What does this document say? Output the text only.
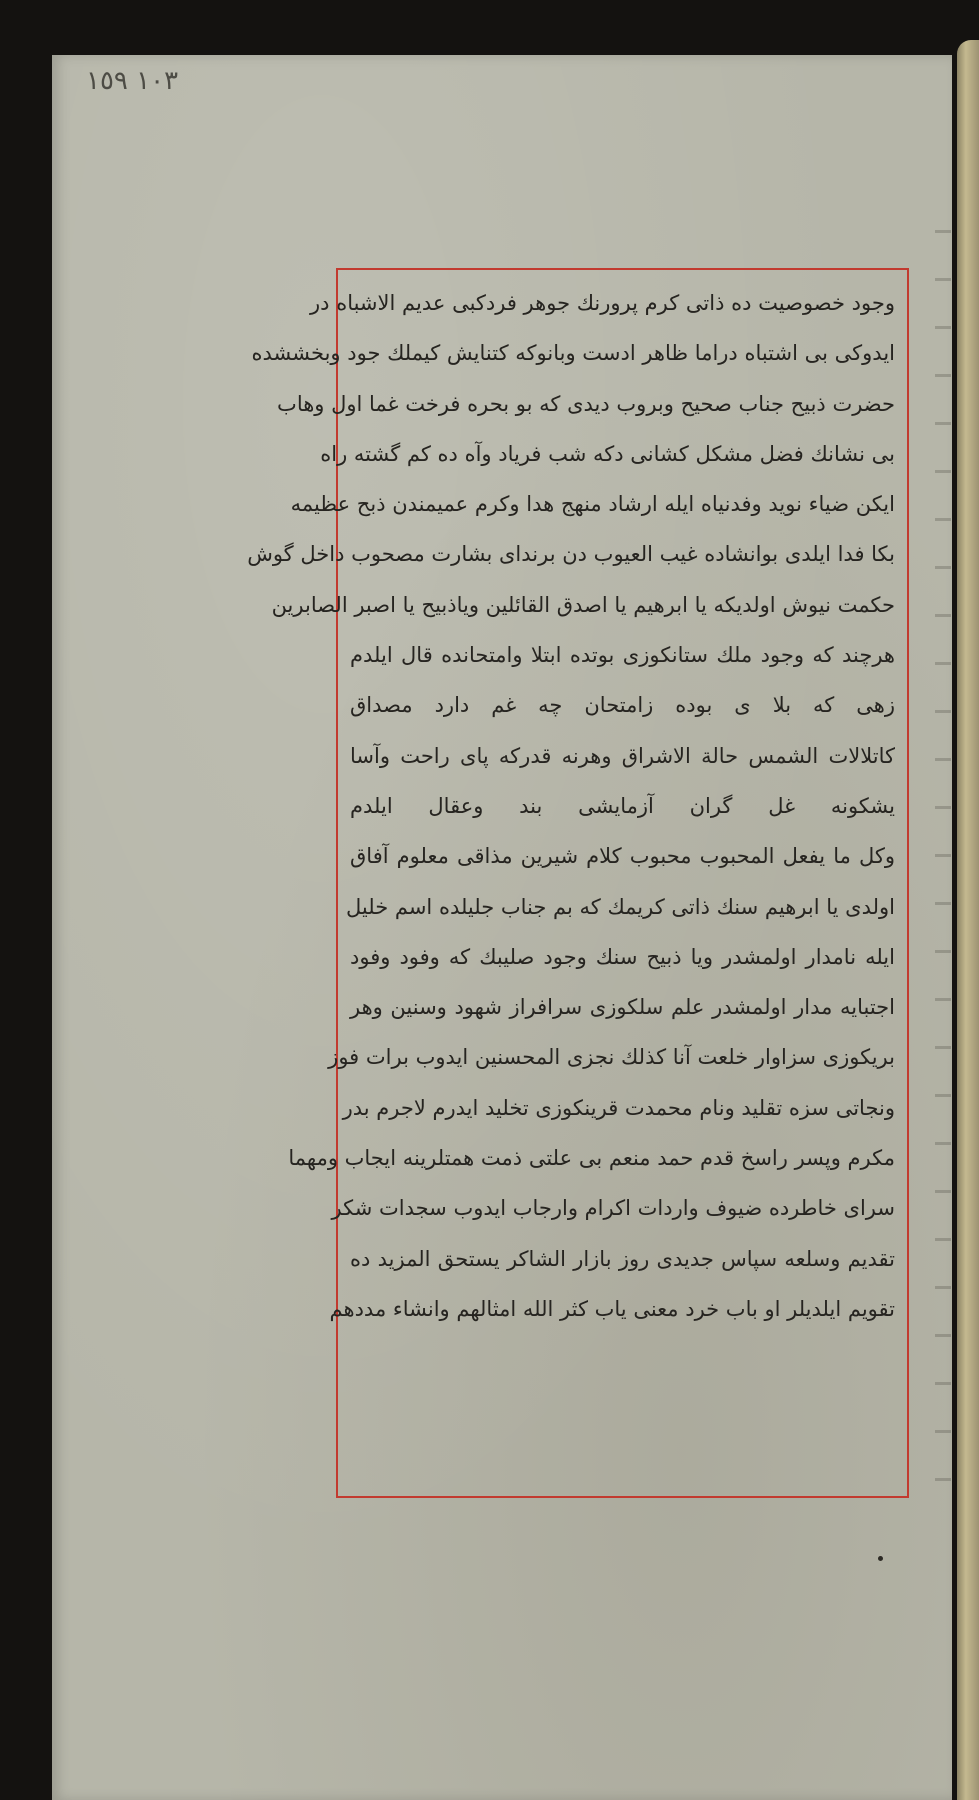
١٠٣ ١٥٩
وجود خصوصیت ده ذاتی کرم پرورنك جوهر فردکبی عدیم الاشباه در
ایدوکی بی اشتباه دراما ظاهر ادست وبانوکه کتنایش کیملك جود وبخششده
حضرت ذبیح جناب صحیح وبروب دیدی که بو بحره فرخت غما اول وهاب
بی نشانك فضل مشکل کشانی دکه شب فریاد وآه ده کم گشته راه
ایکن ضیاء نوید وفدنیاه ایله ارشاد منهج هدا وکرم عمیمندن ذبح عظیمه
بکا فدا ایلدی بوانشاده غیب العیوب دن برندای بشارت مصحوب داخل گوش
حکمت نیوش اولدیکه یا ابرهیم یا اصدق القائلین ویاذبیح یا اصبر الصابرین
هرچند که وجود ملك ستانکوزی بوتده ابتلا وامتحانده قال ایلدم
زهی که بلا ی بوده زامتحان چه غم دارد مصداق
کاتلالات الشمس حالة الاشراق وهرنه قدرکه پای راحت وآسا
یشکونه غل گران آزمایشی بند وعقال ایلدم
وکل ما یفعل المحبوب محبوب کلام شیرین مذاقی معلوم آفاق
اولدی یا ابرهیم سنك ذاتی کریمك که بم جناب جلیلده اسم خلیل
ایله نامدار اولمشدر ویا ذبیح سنك وجود صلیبك که وفود وفود
اجتبایه مدار اولمشدر علم سلکوزی سرافراز شهود وسنین وهر
بریکوزی سزاوار خلعت آنا کذلك نجزی المحسنین ایدوب برات فوز
ونجاتی سزه تقلید ونام محمدت قرینکوزی تخلید ایدرم لاجرم بدر
مکرم وپسر راسخ قدم حمد منعم بی علتی ذمت همتلرینه ایجاب ومهما
سرای خاطرده ضیوف واردات اکرام وارجاب ایدوب سجدات شکر
تقدیم وسلعه سپاس جدیدی روز بازار الشاکر یستحق المزید ده
تقویم ایلدیلر او باب خرد معنی یاب کثر الله امثالهم وانشاء مددهم
